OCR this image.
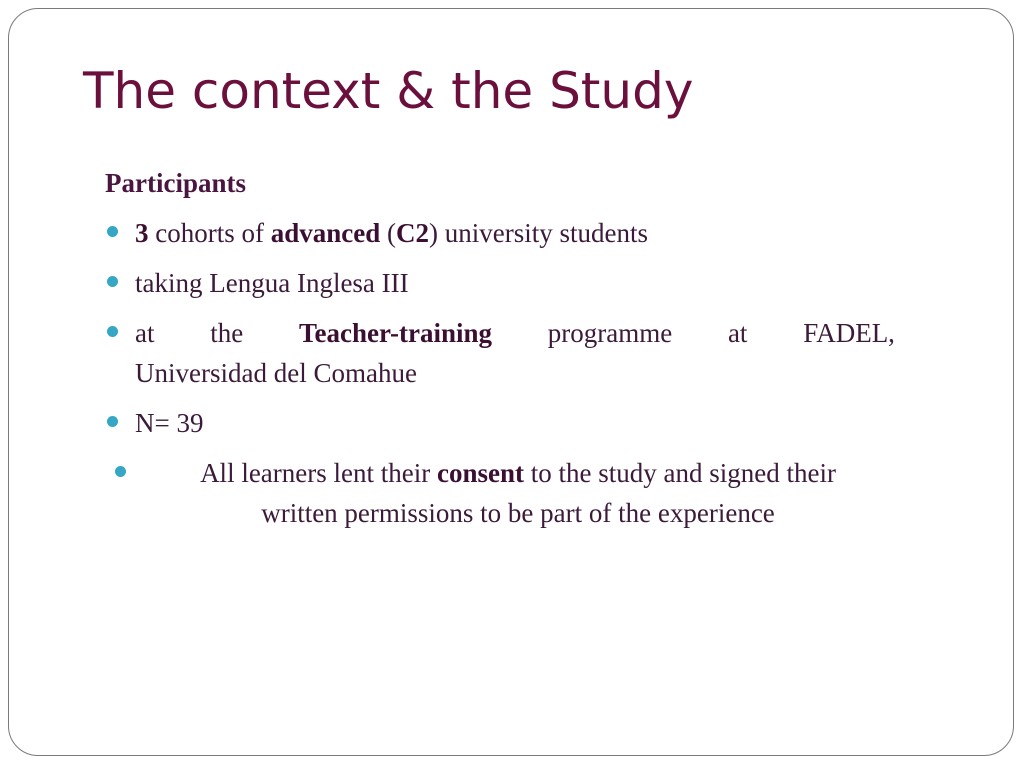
The context & the Study
Participants
3 cohorts of advanced (C2) university students
taking Lengua Inglesa III
at the Teacher-training programme at FADEL,
Universidad del Comahue
N= 39
All learners lent their consent to the study and signed their
written permissions to be part of the experience
